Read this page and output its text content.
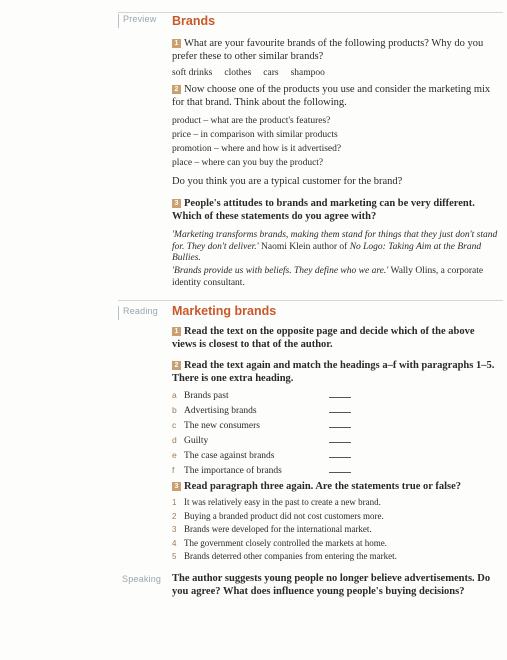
Preview	Brands

1 What are your favourite brands of the following products? Why do you prefer these to other similar brands?

soft drinks clothes cars shampoo

2 Now choose one of the products you use and consider the marketing mix for that brand. Think about the following.

product – what are the product's features?

price – in comparison with similar products

promotion – where and how is it advertised?

place – where can you buy the product?

Do you think you are a typical customer for the brand?

3 People's attitudes to brands and marketing can be very different. Which of these statements do you agree with?

'Marketing transforms brands, making them stand for things that they just don't stand for. They don't deliver.' Naomi Klein author of No Logo: Taking Aim at the Brand Bullies.

'Brands provide us with beliefs. They define who we are.' Wally Olins, a corporate identity consultant.

Reading	Marketing brands

1 Read the text on the opposite page and decide which of the above views is closest to that of the author.

2 Read the text again and match the headings a–f with paragraphs 1–5. There is one extra heading.

a Brands past
b Advertising brands
c The new consumers
d Guilty
e The case against brands
f The importance of brands

3 Read paragraph three again. Are the statements true or false?

1 It was relatively easy in the past to create a new brand.
2 Buying a branded product did not cost customers more.
3 Brands were developed for the international market.
4 The government closely controlled the markets at home.
5 Brands deterred other companies from entering the market.
Speaking	The author suggests young people no longer believe advertisements. Do you agree? What does influence young people's buying decisions?
